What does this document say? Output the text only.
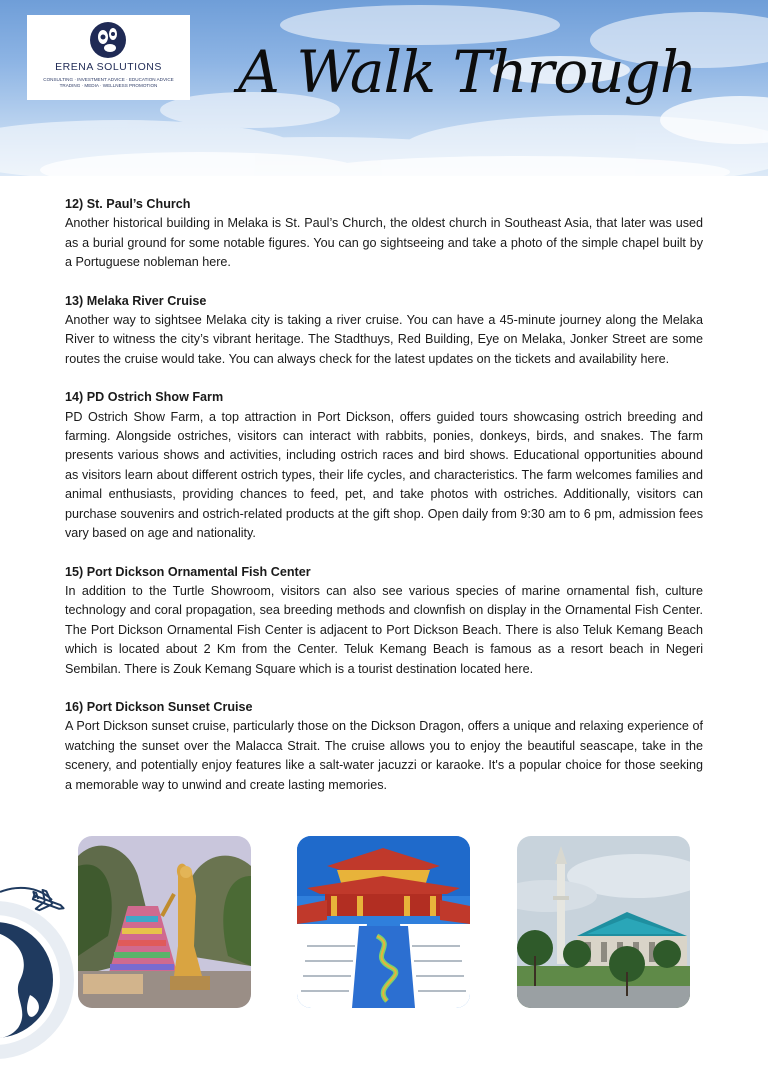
ERENA SOLUTIONS
CONSULTING · INVESTMENT ADVICE · EDUCATION ADVICE
TRADING · MEDIA · WELLNESS PROMOTION	A Walk Through
12) St. Paul’s Church

Another historical building in Melaka is St. Paul’s Church, the oldest church in Southeast Asia, that later was used as a burial ground for some notable figures. You can go sightseeing and take a photo of the simple chapel built by a Portuguese nobleman here.

13) Melaka River Cruise

Another way to sightsee Melaka city is taking a river cruise. You can have a 45-minute journey along the Melaka River to witness the city’s vibrant heritage. The Stadthuys, Red Building, Eye on Melaka, Jonker Street are some routes the cruise would take. You can always check for the latest updates on the tickets and availability here.

14) PD Ostrich Show Farm

PD Ostrich Show Farm, a top attraction in Port Dickson, offers guided tours showcasing ostrich breeding and farming. Alongside ostriches, visitors can interact with rabbits, ponies, donkeys, birds, and snakes. The farm presents various shows and activities, including ostrich races and bird shows. Educational opportunities abound as visitors learn about different ostrich types, their life cycles, and characteristics. The farm welcomes families and animal enthusiasts, providing chances to feed, pet, and take photos with ostriches. Additionally, visitors can purchase souvenirs and ostrich-related products at the gift shop. Open daily from 9:30 am to 6 pm, admission fees vary based on age and nationality.

15) Port Dickson Ornamental Fish Center

In addition to the Turtle Showroom, visitors can also see various species of marine ornamental fish, culture technology and coral propagation, sea breeding methods and clownfish on display in the Ornamental Fish Center. The Port Dickson Ornamental Fish Center is adjacent to Port Dickson Beach. There is also Teluk Kemang Beach which is located about 2 Km from the Center. Teluk Kemang Beach is famous as a resort beach in Negeri Sembilan. There is Zouk Kemang Square which is a tourist destination located here.

16) Port Dickson Sunset Cruise

A Port Dickson sunset cruise, particularly those on the Dickson Dragon, offers a unique and relaxing experience of watching the sunset over the Malacca Strait. The cruise allows you to enjoy the beautiful seascape, take in the scenery, and potentially enjoy features like a salt-water jacuzzi or karaoke. It's a popular choice for those seeking a memorable way to unwind and create lasting memories.
